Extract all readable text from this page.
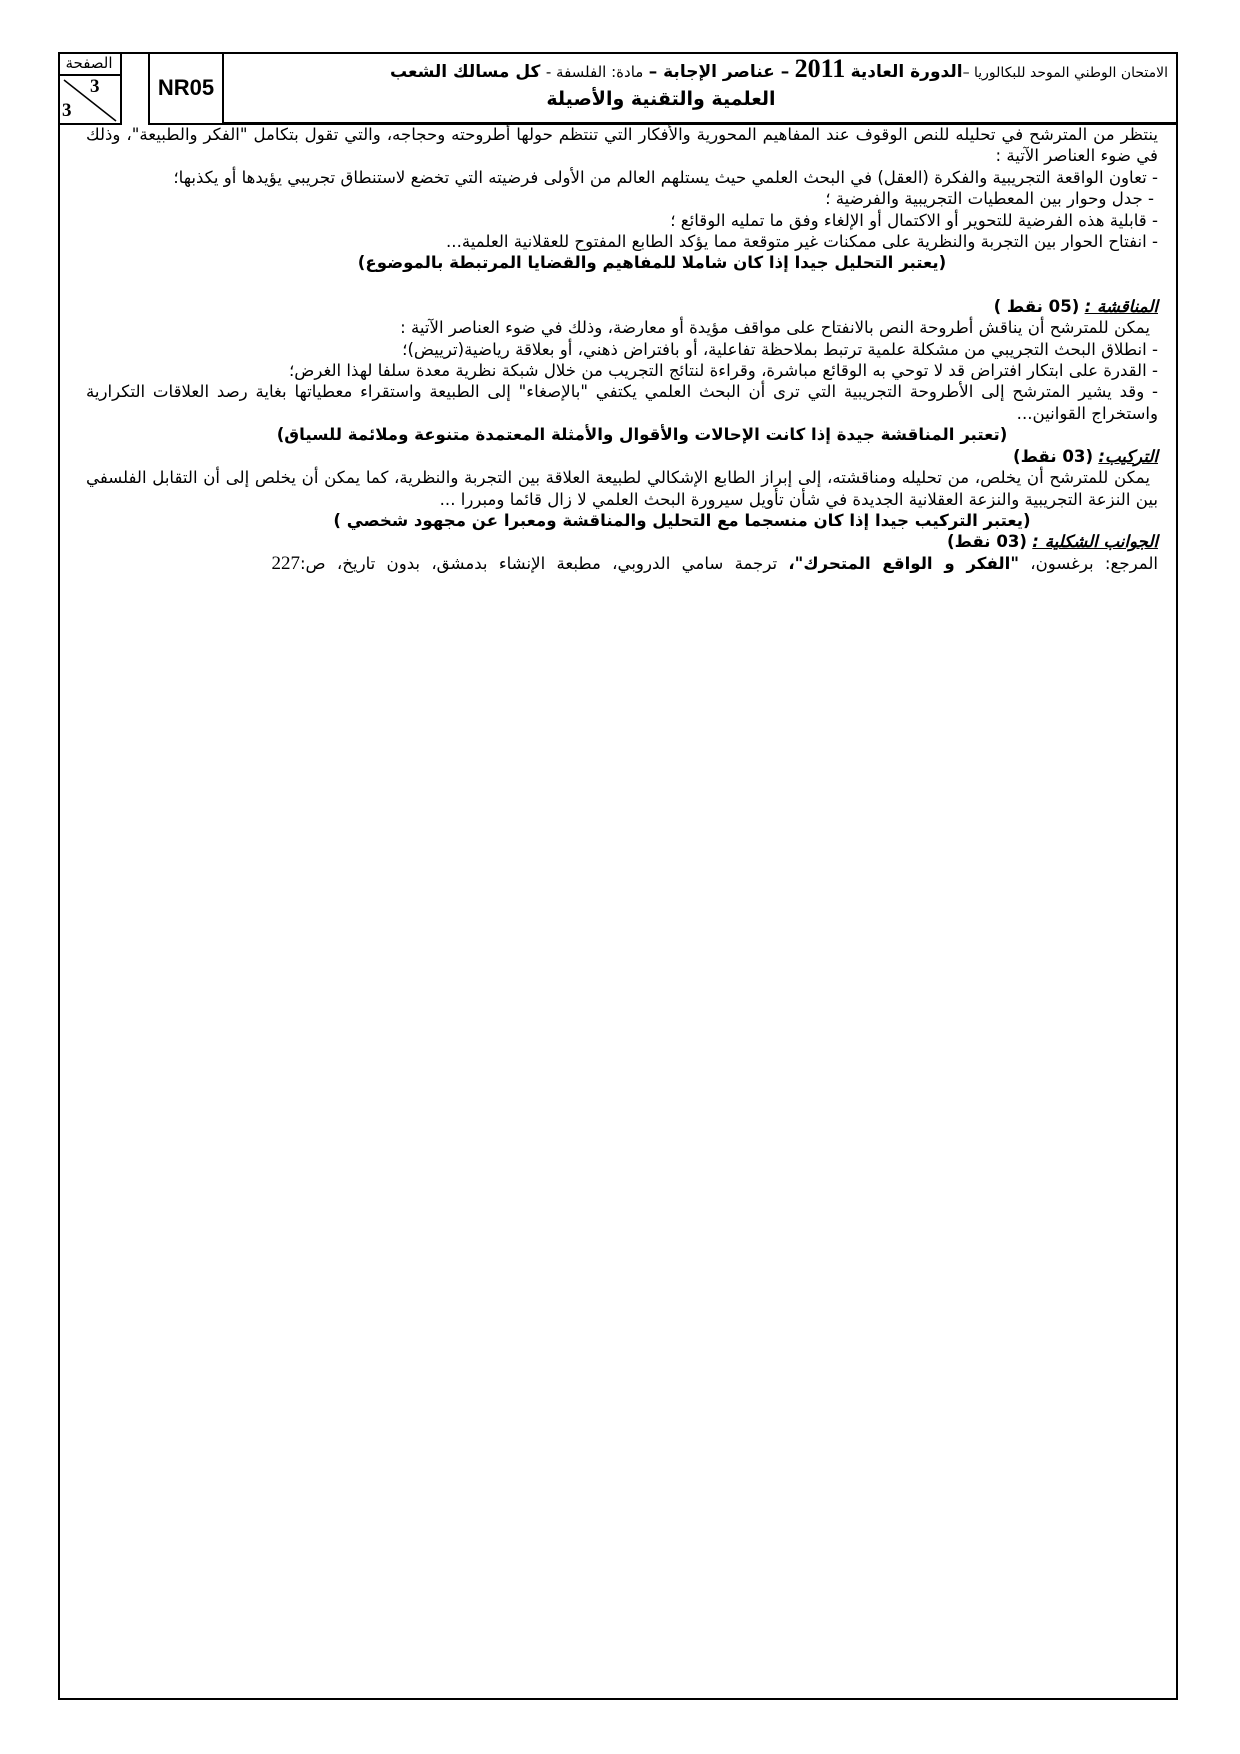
الصفحة
3
3
NR05
الامتحان الوطني الموحد للبكالوريا –الدورة العادية 2011 – عناصر الإجابة – مادة: الفلسفة - كل مسالك الشعب
العلمية والتقنية والأصيلة

ينتظر من المترشح في تحليله للنص الوقوف عند المفاهيم المحورية والأفكار التي تنتظم حولها أطروحته وحجاجه، والتي تقول بتكامل "الفكر والطبيعة"، وذلك في ضوء العناصر الآتية :

- تعاون الواقعة التجريبية والفكرة (العقل) في البحث العلمي حيث يستلهم العالم من الأولى فرضيته التي تخضع لاستنطاق تجريبي يؤيدها أو يكذبها؛

- جدل وحوار بين المعطيات التجريبية والفرضية ؛

- قابلية هذه الفرضية للتحوير أو الاكتمال أو الإلغاء وفق ما تمليه الوقائع ؛

- انفتاح الحوار بين التجربة والنظرية على ممكنات غير متوقعة مما يؤكد الطابع المفتوح للعقلانية العلمية...

(يعتبر التحليل جيدا إذا كان شاملا للمفاهيم والقضايا المرتبطة بالموضوع)

المناقشة : (05 نقط )

يمكن للمترشح أن يناقش أطروحة النص بالانفتاح على مواقف مؤيدة أو معارضة، وذلك في ضوء العناصر الآتية :

- انطلاق البحث التجريبي من مشكلة علمية ترتبط بملاحظة تفاعلية، أو بافتراض ذهني، أو بعلاقة رياضية(ترييض)؛

- القدرة على ابتكار افتراض قد لا توحي به الوقائع مباشرة، وقراءة لنتائج التجريب من خلال شبكة نظرية معدة سلفا لهذا الغرض؛

- وقد يشير المترشح إلى الأطروحة التجريبية التي ترى أن البحث العلمي يكتفي "بالإصغاء" إلى الطبيعة واستقراء معطياتها بغاية رصد العلاقات التكرارية واستخراج القوانين...

(تعتبر المناقشة جيدة إذا كانت الإحالات والأقوال والأمثلة المعتمدة متنوعة وملائمة للسياق)

التركيب: (03 نقط)

يمكن للمترشح أن يخلص، من تحليله ومناقشته، إلى إبراز الطابع الإشكالي لطبيعة العلاقة بين التجربة والنظرية، كما يمكن أن يخلص إلى أن التقابل الفلسفي بين النزعة التجريبية والنزعة العقلانية الجديدة في شأن تأويل سيرورة البحث العلمي لا زال قائما ومبررا ...

(يعتبر التركيب جيدا إذا كان منسجما مع التحليل والمناقشة ومعبرا عن مجهود شخصي )

الجوانب الشكلية : (03 نقط)

المرجع: برغسون، "الفكر و الواقع المتحرك"، ترجمة سامي الدروبي، مطبعة الإنشاء بدمشق، بدون تاريخ، ص:227
